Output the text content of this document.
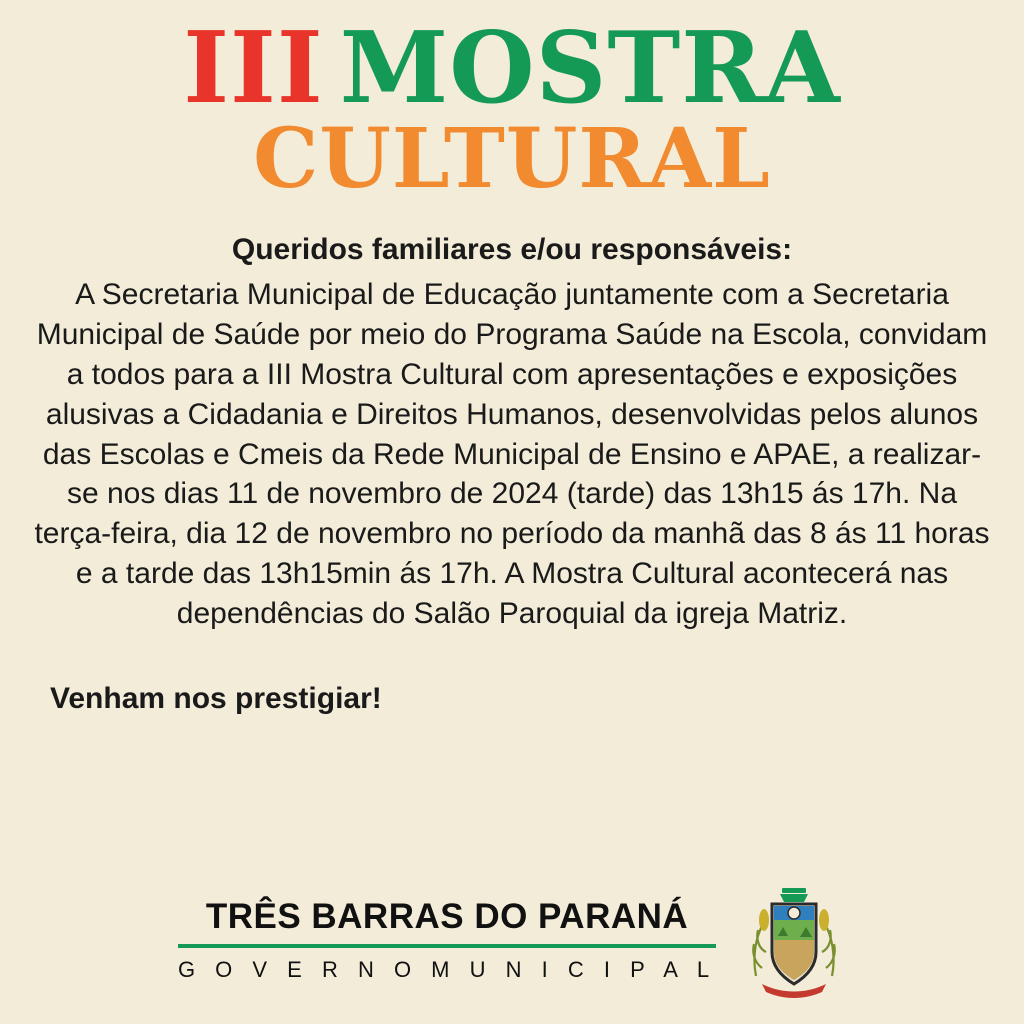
III MOSTRA
CULTURAL
Queridos familiares e/ou responsáveis:
A Secretaria Municipal de Educação juntamente com a Secretaria Municipal de Saúde por meio do Programa Saúde na Escola, convidam a todos para a III Mostra Cultural com apresentações e exposições alusivas a Cidadania e Direitos Humanos, desenvolvidas pelos alunos das Escolas e Cmeis da Rede Municipal de Ensino e APAE, a realizar-se nos dias 11 de novembro de 2024 (tarde) das 13h15 ás 17h. Na terça-feira, dia 12 de novembro no período da manhã das 8 ás 11 horas e a tarde das 13h15min ás 17h. A Mostra Cultural acontecerá nas dependências do Salão Paroquial da igreja Matriz.
Venham nos prestigiar!
TRÊS BARRAS DO PARANÁ
G O V E R N O M U N I C I P A L
